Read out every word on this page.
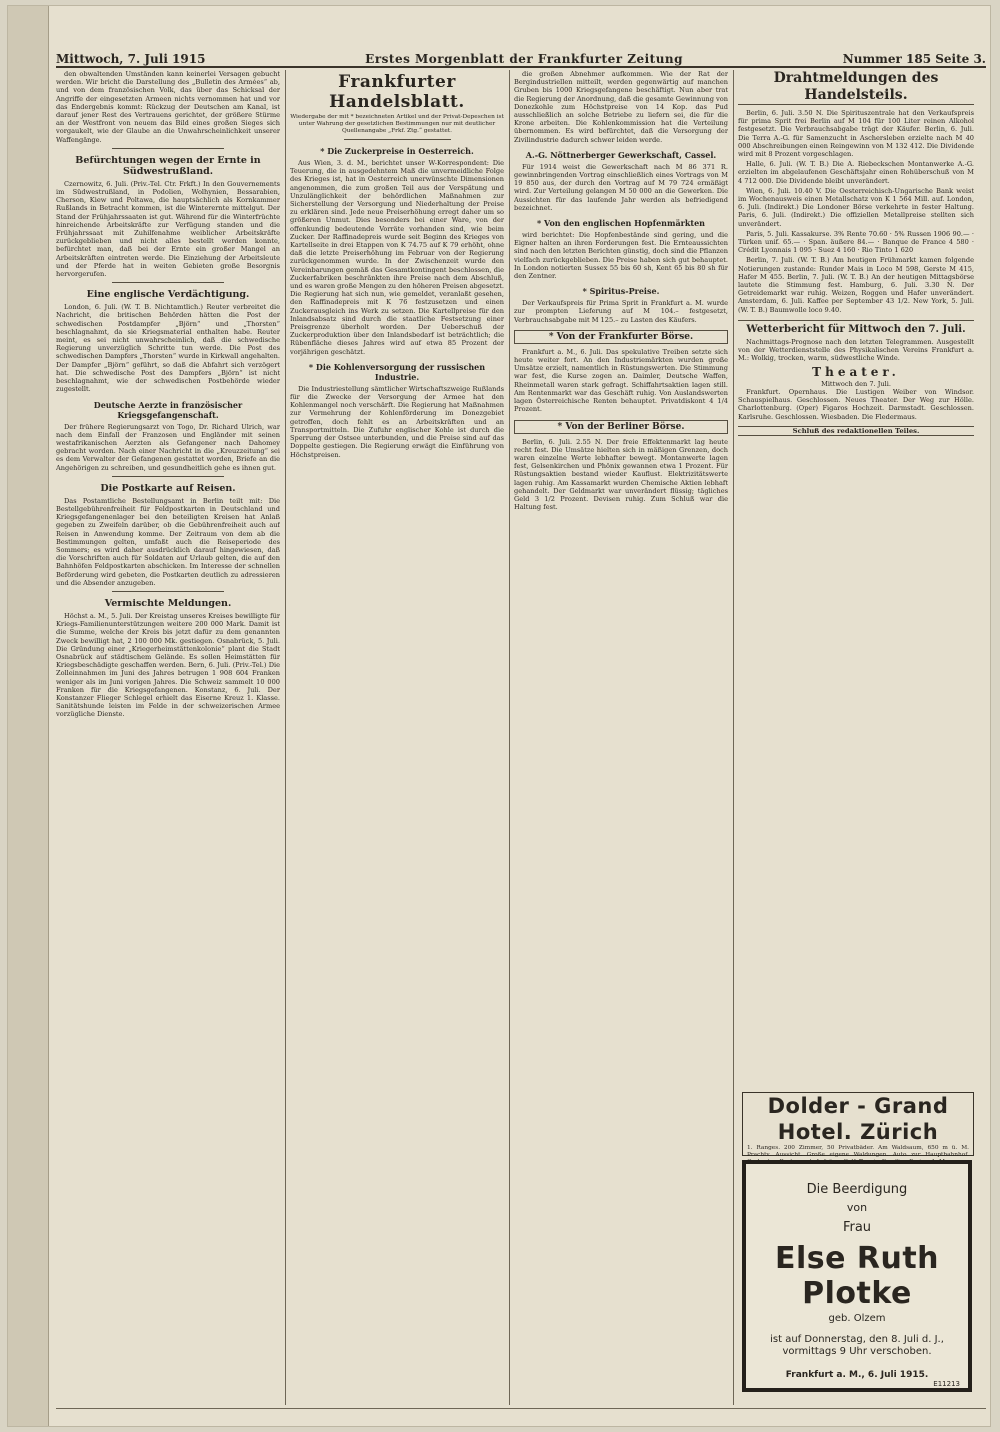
Mittwoch, 7. Juli 1915	Erstes Morgenblatt der Frankfurter Zeitung	Nummer 185 Seite 3.

den obwaltenden Umständen kann keinerlei Versagen gebucht werden. Wir bricht die Darstellung des „Bulletin des Armées“ ab, und von dem französischen Volk, das über das Schicksal der Angriffe der eingesetzten Armeen nichts vernommen hat und vor das Endergebnis kommt: Rückzug der Deutschen am Kanal, ist darauf jener Rest des Vertrauens gerichtet, der größere Stürme an der Westfront von neuem das Bild eines großen Sieges sich vorgaukelt, wie der Glaube an die Unwahrscheinlichkeit unserer Waffengänge.

Befürchtungen wegen der Ernte in Südwestrußland.

Czernowitz, 6. Juli. (Priv.-Tel. Ctr. Frkft.) In den Gouvernements im Südwestrußland, in Podolien, Wolhynien, Bessarabien, Cherson, Kiew und Poltawa, die hauptsächlich als Kornkammer Rußlands in Betracht kommen, ist die Winterernte mittelgut. Der Stand der Frühjahrssaaten ist gut. Während für die Winterfrüchte hinreichende Arbeitskräfte zur Verfügung standen und die Frühjahrssaat mit Zuhilfenahme weiblicher Arbeitskräfte zurückgeblieben und nicht alles bestellt werden konnte, befürchtet man, daß bei der Ernte ein großer Mangel an Arbeitskräften eintreten werde. Die Einziehung der Arbeitsleute und der Pferde hat in weiten Gebieten große Besorgnis hervorgerufen.

Eine englische Verdächtigung.

London, 6. Juli. (W. T. B. Nichtamtlich.) Reuter verbreitet die Nachricht, die britischen Behörden hätten die Post der schwedischen Postdampfer „Björn“ und „Thorsten“ beschlagnahmt, da sie Kriegsmaterial enthalten habe. Reuter meint, es sei nicht unwahrscheinlich, daß die schwedische Regierung unverzüglich Schritte tun werde. Die Post des schwedischen Dampfers „Thorsten“ wurde in Kirkwall angehalten. Der Dampfer „Björn“ geführt, so daß die Abfahrt sich verzögert hat. Die schwedische Post des Dampfers „Björn“ ist nicht beschlagnahmt, wie der schwedischen Postbehörde wieder zugestellt.

Deutsche Aerzte in französischer Kriegsgefangenschaft.

Der frühere Regierungsarzt von Togo, Dr. Richard Ulrich, war nach dem Einfall der Franzosen und Engländer mit seinen westafrikanischen Aerzten als Gefangener nach Dahomey gebracht worden. Nach einer Nachricht in die „Kreuzzeitung“ sei es dem Verwalter der Gefangenen gestattet worden, Briefe an die Angehörigen zu schreiben, und gesundheitlich gehe es ihnen gut.

Die Postkarte auf Reisen.

Das Postamtliche Bestellungsamt in Berlin teilt mit: Die Bestellgebührenfreiheit für Feldpostkarten in Deutschland und Kriegsgefangenenlager bei den beteiligten Kreisen hat Anlaß gegeben zu Zweifeln darüber, ob die Gebührenfreiheit auch auf Reisen in Anwendung komme. Der Zeitraum von dem ab die Bestimmungen gelten, umfaßt auch die Reiseperiode des Sommers; es wird daher ausdrücklich darauf hingewiesen, daß die Vorschriften auch für Soldaten auf Urlaub gelten, die auf den Bahnhöfen Feldpostkarten abschicken. Im Interesse der schnellen Beförderung wird gebeten, die Postkarten deutlich zu adressieren und die Absender anzugeben.

Vermischte Meldungen.

Höchst a. M., 5. Juli. Der Kreistag unseres Kreises bewilligte für Kriegs-Familienunterstützungen weitere 200 000 Mark. Damit ist die Summe, welche der Kreis bis jetzt dafür zu dem genannten Zweck bewilligt hat, 2 100 000 Mk. gestiegen. Osnabrück, 5. Juli. Die Gründung einer „Kriegerheimstättenkolonie“ plant die Stadt Osnabrück auf städtischem Gelände. Es sollen Heimstätten für Kriegsbeschädigte geschaffen werden. Bern, 6. Juli. (Priv.-Tel.) Die Zolleinnahmen im Juni des Jahres betrugen 1 908 604 Franken weniger als im Juni vorigen Jahres. Die Schweiz sammelt 10 000 Franken für die Kriegsgefangenen. Konstanz, 6. Juli. Der Konstanzer Flieger Schlegel erhielt das Eiserne Kreuz 1. Klasse. Sanitätshunde leisten im Felde in der schweizerischen Armee vorzügliche Dienste.

Frankfurter Handelsblatt.
Wiedergabe der mit * bezeichneten Artikel und der Privat-Depeschen ist unter Wahrung der gesetzlichen Bestimmungen nur mit deutlicher Quellenangabe „Frkf. Ztg.“ gestattet.
* Die Zuckerpreise in Oesterreich.

Aus Wien, 3. d. M., berichtet unser W-Korrespondent: Die Teuerung, die in ausgedehntem Maß die unvermeidliche Folge des Krieges ist, hat in Oesterreich unerwünschte Dimensionen angenommen, die zum großen Teil aus der Verspätung und Unzulänglichkeit der behördlichen Maßnahmen zur Sicherstellung der Versorgung und Niederhaltung der Preise zu erklären sind. Jede neue Preiserhöhung erregt daher um so größeren Unmut. Dies besonders bei einer Ware, von der offenkundig bedeutende Vorräte vorhanden sind, wie beim Zucker. Der Raffinadepreis wurde seit Beginn des Krieges von Kartellseite in drei Etappen von K 74.75 auf K 79 erhöht, ohne daß die letzte Preiserhöhung im Februar von der Regierung zurückgenommen wurde. In der Zwischenzeit wurde den Vereinbarungen gemäß das Gesamtkontingent beschlossen, die Zuckerfabriken beschränkten ihre Preise nach dem Abschluß, und es waren große Mengen zu den höheren Preisen abgesetzt. Die Regierung hat sich nun, wie gemeldet, veranlaßt gesehen, den Raffinadepreis mit K 76 festzusetzen und einen Zuckerausgleich ins Werk zu setzen. Die Kartellpreise für den Inlandsabsatz sind durch die staatliche Festsetzung einer Preisgrenze überholt worden. Der Ueberschuß der Zuckerproduktion über den Inlandsbedarf ist beträchtlich; die Rübenfläche dieses Jahres wird auf etwa 85 Prozent der vorjährigen geschätzt.

* Die Kohlenversorgung der russischen Industrie.

Die Industriestellung sämtlicher Wirtschaftszweige Rußlands für die Zwecke der Versorgung der Armee hat den Kohlenmangel noch verschärft. Die Regierung hat Maßnahmen zur Vermehrung der Kohlenförderung im Donezgebiet getroffen, doch fehlt es an Arbeitskräften und an Transportmitteln. Die Zufuhr englischer Kohle ist durch die Sperrung der Ostsee unterbunden, und die Preise sind auf das Doppelte gestiegen. Die Regierung erwägt die Einführung von Höchstpreisen.

die großen Abnehmer aufkommen. Wie der Rat der Bergindustriellen mitteilt, werden gegenwärtig auf manchen Gruben bis 1000 Kriegsgefangene beschäftigt. Nun aber trat die Regierung der Anordnung, daß die gesamte Gewinnung von Donezkohle zum Höchstpreise von 14 Kop. das Pud ausschließlich an solche Betriebe zu liefern sei, die für die Krone arbeiten. Die Kohlenkommission hat die Verteilung übernommen. Es wird befürchtet, daß die Versorgung der Zivilindustrie dadurch schwer leiden werde.

A.-G. Nöttnerberger Gewerkschaft, Cassel.

Für 1914 weist die Gewerkschaft nach M 86 371 R. gewinnbringenden Vortrag einschließlich eines Vortrags von M 19 850 aus, der durch den Vortrag auf M 79 724 ermäßigt wird. Zur Verteilung gelangen M 50 000 an die Gewerken. Die Aussichten für das laufende Jahr werden als befriedigend bezeichnet.

* Von den englischen Hopfenmärkten

wird berichtet: Die Hopfenbestände sind gering, und die Eigner halten an ihren Forderungen fest. Die Ernteaussichten sind nach den letzten Berichten günstig, doch sind die Pflanzen vielfach zurückgeblieben. Die Preise haben sich gut behauptet. In London notierten Sussex 55 bis 60 sh, Kent 65 bis 80 sh für den Zentner.

* Spiritus-Preise.

Der Verkaufspreis für Prima Sprit in Frankfurt a. M. wurde zur prompten Lieferung auf M 104.– festgesetzt, Verbrauchsabgabe mit M 125.– zu Lasten des Käufers.

* Von der Frankfurter Börse.

Frankfurt a. M., 6. Juli. Das spekulative Treiben setzte sich heute weiter fort. An den Industriemärkten wurden große Umsätze erzielt, namentlich in Rüstungswerten. Die Stimmung war fest, die Kurse zogen an. Daimler, Deutsche Waffen, Rheinmetall waren stark gefragt. Schiffahrtsaktien lagen still. Am Rentenmarkt war das Geschäft ruhig. Von Auslandswerten lagen Österreichische Renten behauptet. Privatdiskont 4 1/4 Prozent.

* Von der Berliner Börse.

Berlin, 6. Juli. 2.55 N. Der freie Effektenmarkt lag heute recht fest. Die Umsätze hielten sich in mäßigen Grenzen, doch waren einzelne Werte lebhafter bewegt. Montanwerte lagen fest, Gelsenkirchen und Phönix gewannen etwa 1 Prozent. Für Rüstungsaktien bestand wieder Kauflust. Elektrizitätswerte lagen ruhig. Am Kassamarkt wurden Chemische Aktien lebhaft gehandelt. Der Geldmarkt war unverändert flüssig; tägliches Geld 3 1/2 Prozent. Devisen ruhig. Zum Schluß war die Haltung fest.

Drahtmeldungen des Handelsteils.

Berlin, 6. Juli. 3.50 N. Die Spirituszentrale hat den Verkaufspreis für prima Sprit frei Berlin auf M 104 für 100 Liter reinen Alkohol festgesetzt. Die Verbrauchsabgabe trägt der Käufer. Berlin, 6. Juli. Die Terra A.-G. für Samenzucht in Aschersleben erzielte nach M 40 000 Abschreibungen einen Reingewinn von M 132 412. Die Dividende wird mit 8 Prozent vorgeschlagen.

Halle, 6. Juli. (W. T. B.) Die A. Riebeckschen Montanwerke A.-G. erzielten im abgelaufenen Geschäftsjahr einen Rohüberschuß von M 4 712 000. Die Dividende bleibt unverändert.

Wien, 6. Juli. 10.40 V. Die Oesterreichisch-Ungarische Bank weist im Wochenausweis einen Metallschatz von K 1 564 Mill. auf. London, 6. Juli. (Indirekt.) Die Londoner Börse verkehrte in fester Haltung. Paris, 6. Juli. (Indirekt.) Die offiziellen Metallpreise stellten sich unverändert.

Paris, 5. Juli. Kassakurse. 3% Rente 70.60 · 5% Russen 1906 90.— · Türken unif. 65.— · Span. äußere 84.— · Banque de France 4 580 · Crédit Lyonnais 1 095 · Suez 4 160 · Rio Tinto 1 620

Berlin, 7. Juli. (W. T. B.) Am heutigen Frühmarkt kamen folgende Notierungen zustande: Runder Mais in Loco M 598, Gerste M 415, Hafer M 455. Berlin, 7. Juli. (W. T. B.) An der heutigen Mittagsbörse lautete die Stimmung fest. Hamburg, 6. Juli. 3.30 N. Der Getreidemarkt war ruhig. Weizen, Roggen und Hafer unverändert. Amsterdam, 6. Juli. Kaffee per September 43 1/2. New York, 5. Juli. (W. T. B.) Baumwolle loco 9.40.

Wetterbericht für Mittwoch den 7. Juli.

Nachmittags-Prognose nach den letzten Telegrammen. Ausgestellt von der Wetterdienststelle des Physikalischen Vereins Frankfurt a. M.: Wolkig, trocken, warm, südwestliche Winde.

Theater.
Mittwoch den 7. Juli.

Frankfurt. Opernhaus. Die Lustigen Weiber von Windsor. Schauspielhaus. Geschlossen. Neues Theater. Der Weg zur Hölle. Charlottenburg. (Oper) Figaros Hochzeit. Darmstadt. Geschlossen. Karlsruhe. Geschlossen. Wiesbaden. Die Fledermaus.

Schluß des redaktionellen Teiles.
Dolder - Grand Hotel. Zürich
1. Ranges. 200 Zimmer, 50 Privatbäder. Am Waldsaum, 650 m ü. M. Prachtv. Aussicht. Große eigene Waldungen. Auto zur Hauptbahnhof.
Die Beerdigung
von
Frau
Else Ruth Plotke
geb. Olzem
ist auf Donnerstag, den 8. Juli d. J., vormittags 9 Uhr verschoben.
Frankfurt a. M., 6. Juli 1915.
E11213
